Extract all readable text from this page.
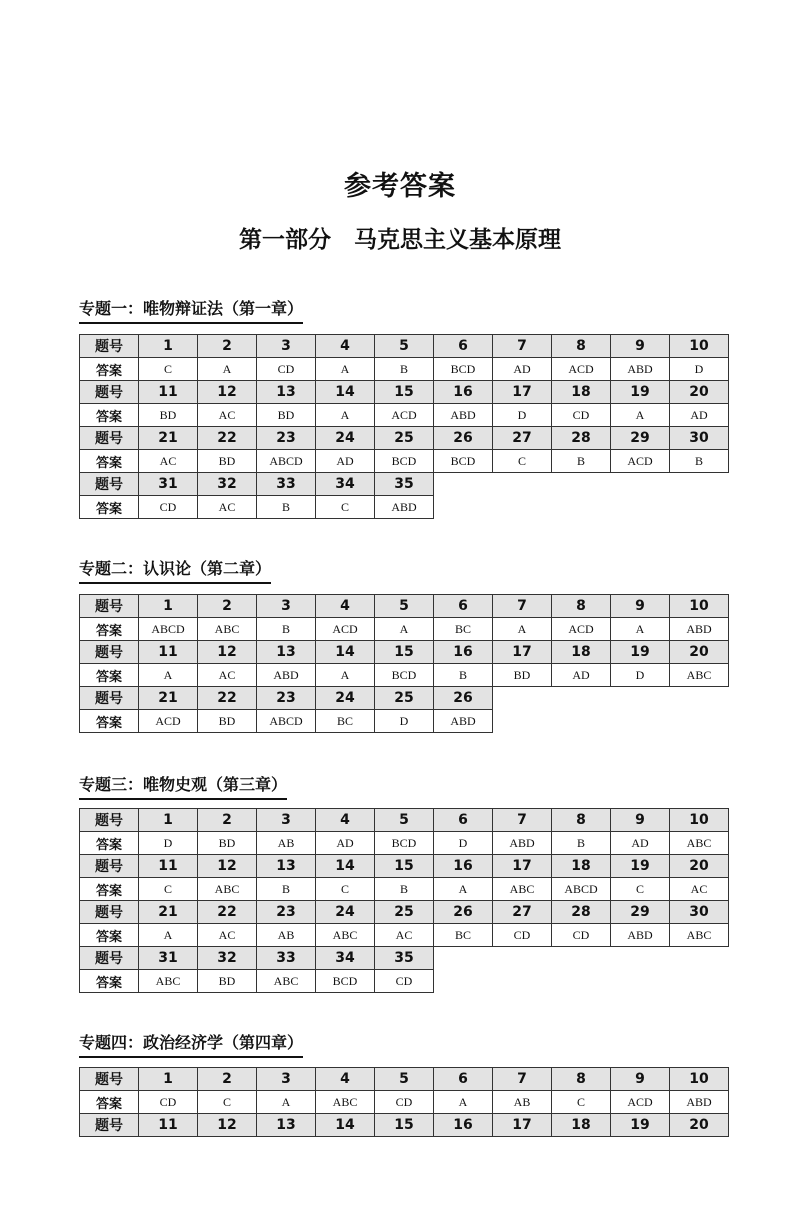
参考答案
第一部分　马克思主义基本原理
专题一：唯物辩证法（第一章）
题号	1	2	3	4	5	6	7	8	9	10
答案	C	A	CD	A	B	BCD	AD	ACD	ABD	D
题号	11	12	13	14	15	16	17	18	19	20
答案	BD	AC	BD	A	ACD	ABD	D	CD	A	AD
题号	21	22	23	24	25	26	27	28	29	30
答案	AC	BD	ABCD	AD	BCD	BCD	C	B	ACD	B
题号	31	32	33	34	35					
答案	CD	AC	B	C	ABD					
专题二：认识论（第二章）
题号	1	2	3	4	5	6	7	8	9	10
答案	ABCD	ABC	B	ACD	A	BC	A	ACD	A	ABD
题号	11	12	13	14	15	16	17	18	19	20
答案	A	AC	ABD	A	BCD	B	BD	AD	D	ABC
题号	21	22	23	24	25	26				
答案	ACD	BD	ABCD	BC	D	ABD				
专题三：唯物史观（第三章）
题号	1	2	3	4	5	6	7	8	9	10
答案	D	BD	AB	AD	BCD	D	ABD	B	AD	ABC
题号	11	12	13	14	15	16	17	18	19	20
答案	C	ABC	B	C	B	A	ABC	ABCD	C	AC
题号	21	22	23	24	25	26	27	28	29	30
答案	A	AC	AB	ABC	AC	BC	CD	CD	ABD	ABC
题号	31	32	33	34	35					
答案	ABC	BD	ABC	BCD	CD					
专题四：政治经济学（第四章）
题号	1	2	3	4	5	6	7	8	9	10
答案	CD	C	A	ABC	CD	A	AB	C	ACD	ABD
题号	11	12	13	14	15	16	17	18	19	20
